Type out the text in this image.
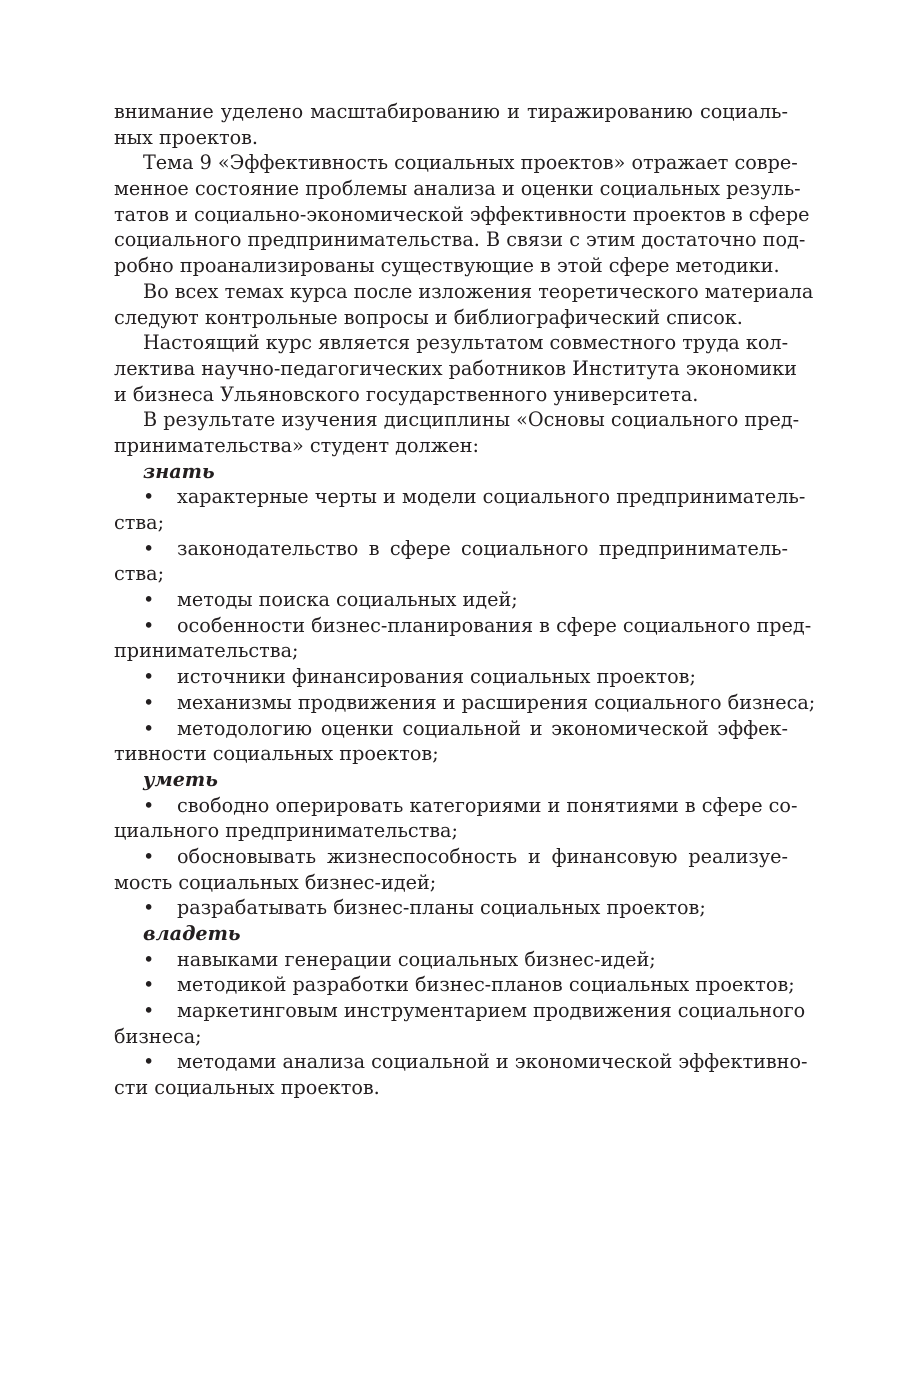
внимание уделено масштабированию и тиражированию социаль-
ных проектов.
Тема 9 «Эффективность социальных проектов» отражает совре-
менное состояние проблемы анализа и оценки социальных резуль-
татов и социально-экономической эффективности проектов в сфере
социального предпринимательства. В связи с этим достаточно под-
робно проанализированы существующие в этой сфере методики.
Во всех темах курса после изложения теоретического материала
следуют контрольные вопросы и библиографический список.
Настоящий курс является результатом совместного труда кол-
лектива научно-педагогических работников Института экономики
и бизнеса Ульяновского государственного университета.
В результате изучения дисциплины «Основы социального пред-
принимательства» студент должен:
знать
• характерные черты и модели социального предприниматель-
ства;
• законодательство в сфере социального предприниматель-
ства;
• методы поиска социальных идей;
• особенности бизнес-планирования в сфере социального пред-
принимательства;
• источники финансирования социальных проектов;
• механизмы продвижения и расширения социального бизнеса;
• методологию оценки социальной и экономической эффек-
тивности социальных проектов;
уметь
• свободно оперировать категориями и понятиями в сфере со-
циального предпринимательства;
• обосновывать жизнеспособность и финансовую реализуе-
мость социальных бизнес-идей;
• разрабатывать бизнес-планы социальных проектов;
владеть
• навыками генерации социальных бизнес-идей;
• методикой разработки бизнес-планов социальных проектов;
• маркетинговым инструментарием продвижения социального
бизнеса;
• методами анализа социальной и экономической эффективно-
сти социальных проектов.
